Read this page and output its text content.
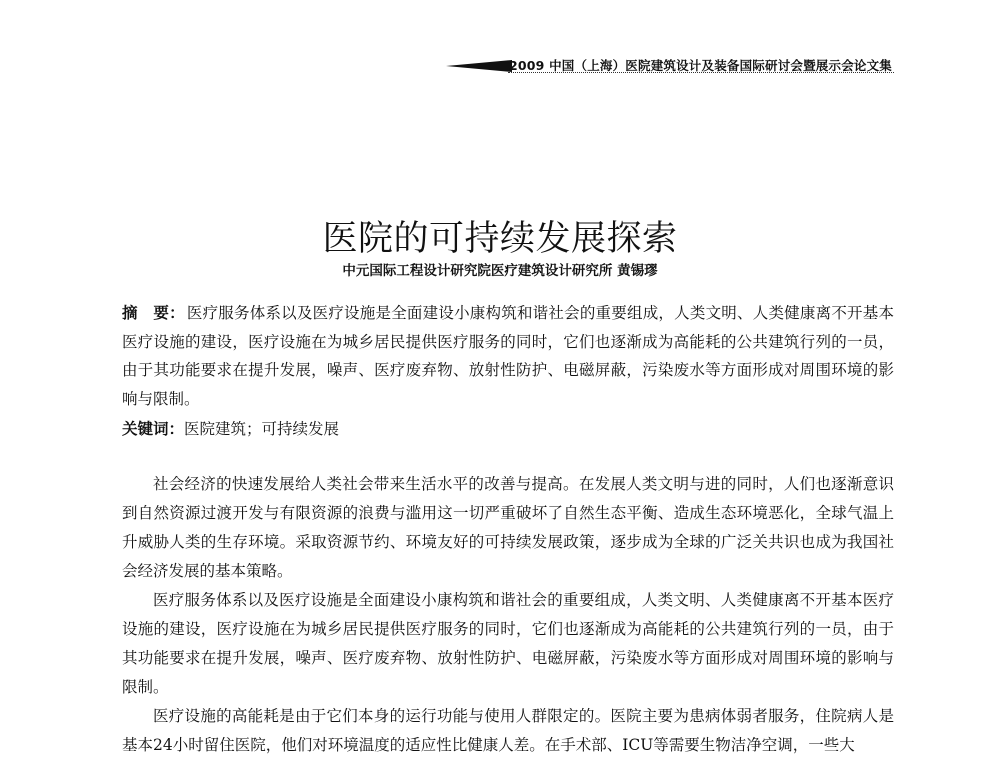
2009 中国（上海）医院建筑设计及装备国际研讨会暨展示会论文集
医院的可持续发展探索
中元国际工程设计研究院医疗建筑设计研究所 黄锡璆
摘　要： 医疗服务体系以及医疗设施是全面建设小康构筑和谐社会的重要组成，人类文明、人类健康离不开基本医疗设施的建设，医疗设施在为城乡居民提供医疗服务的同时，它们也逐渐成为高能耗的公共建筑行列的一员，由于其功能要求在提升发展，噪声、医疗废弃物、放射性防护、电磁屏蔽，污染废水等方面形成对周围环境的影响与限制。
关键词：医院建筑；可持续发展

社会经济的快速发展给人类社会带来生活水平的改善与提高。在发展人类文明与进的同时，人们也逐渐意识到自然资源过渡开发与有限资源的浪费与滥用这一切严重破坏了自然生态平衡、造成生态环境恶化，全球气温上升威胁人类的生存环境。采取资源节约、环境友好的可持续发展政策，逐步成为全球的广泛关共识也成为我国社会经济发展的基本策略。

医疗服务体系以及医疗设施是全面建设小康构筑和谐社会的重要组成，人类文明、人类健康离不开基本医疗设施的建设，医疗设施在为城乡居民提供医疗服务的同时，它们也逐渐成为高能耗的公共建筑行列的一员，由于其功能要求在提升发展，噪声、医疗废弃物、放射性防护、电磁屏蔽，污染废水等方面形成对周围环境的影响与限制。

医疗设施的高能耗是由于它们本身的运行功能与使用人群限定的。医院主要为患病体弱者服务，住院病人是基本24小时留住医院，他们对环境温度的适应性比健康人差。在手术部、ICU等需要生物洁净空调，一些大
